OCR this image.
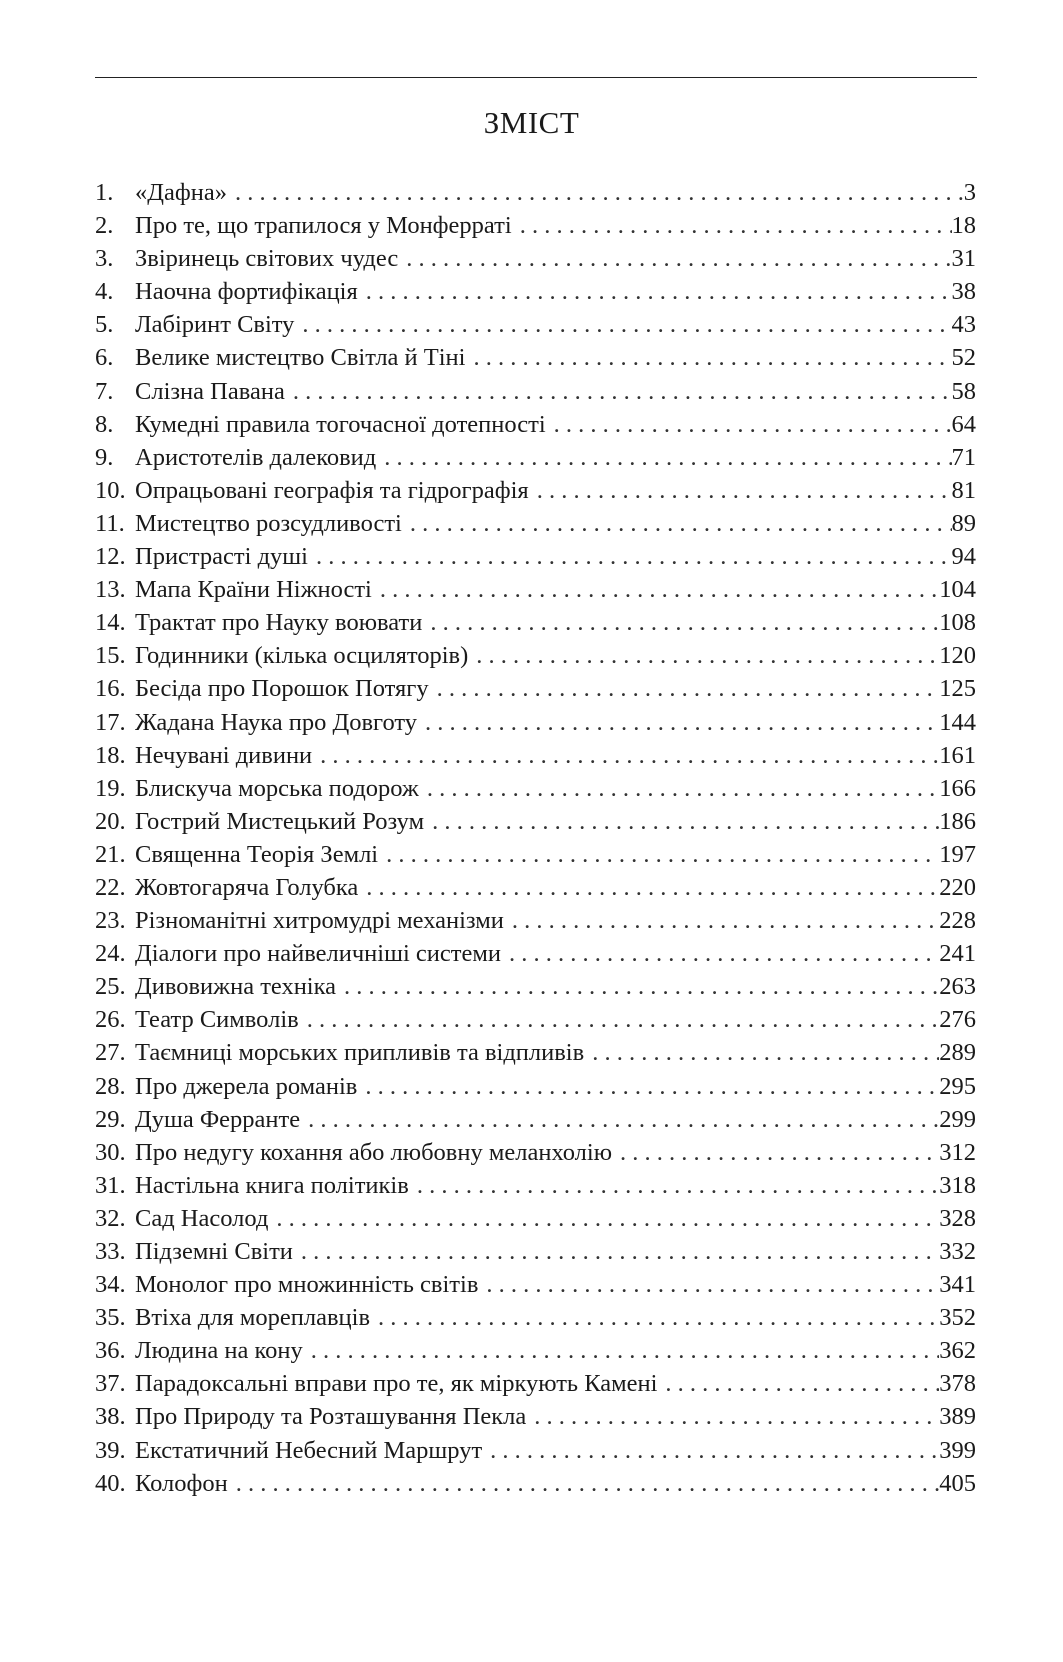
ЗМІСТ
1. «Дафна» . . .	3
2. Про те, що трапилося у Монферраті . . .	18
3. Звіринець світових чудес . . .	31
4. Наочна фортифікація . . .	38
5. Лабіринт Світу . . .	43
6. Велике мистецтво Світла й Тіні . . .	52
7. Слізна Павана . . .	58
8. Кумедні правила тогочасної дотепності . . .	64
9. Аристотелів далековид . . .	71
10. Опрацьовані географія та гідрографія . . .	81
11. Мистецтво розсудливості . . .	89
12. Пристрасті душі . . .	94
13. Мапа Країни Ніжності . . .	104
14. Трактат про Науку воювати . . .	108
15. Годинники (кілька осциляторів) . . .	120
16. Бесіда про Порошок Потягу . . .	125
17. Жадана Наука про Довготу . . .	144
18. Нечувані дивини . . .	161
19. Блискуча морська подорож . . .	166
20. Гострий Мистецький Розум . . .	186
21. Священна Теорія Землі . . .	197
22. Жовтогаряча Голубка . . .	220
23. Різноманітні хитромудрі механізми . . .	228
24. Діалоги про найвеличніші системи . . .	241
25. Дивовижна техніка . . .	263
26. Театр Символів . . .	276
27. Таємниці морських припливів та відпливів . . .	289
28. Про джерела романів . . .	295
29. Душа Ферранте . . .	299
30. Про недугу кохання або любовну меланхолію . . .	312
31. Настільна книга політиків . . .	318
32. Сад Насолод . . .	328
33. Підземні Світи . . .	332
34. Монолог про множинність світів . . .	341
35. Втіха для мореплавців . . .	352
36. Людина на кону . . .	362
37. Парадоксальні вправи про те, як міркують Камені . . .	378
38. Про Природу та Розташування Пекла . . .	389
39. Екстатичний Небесний Маршрут . . .	399
40. Колофон . . .	405
